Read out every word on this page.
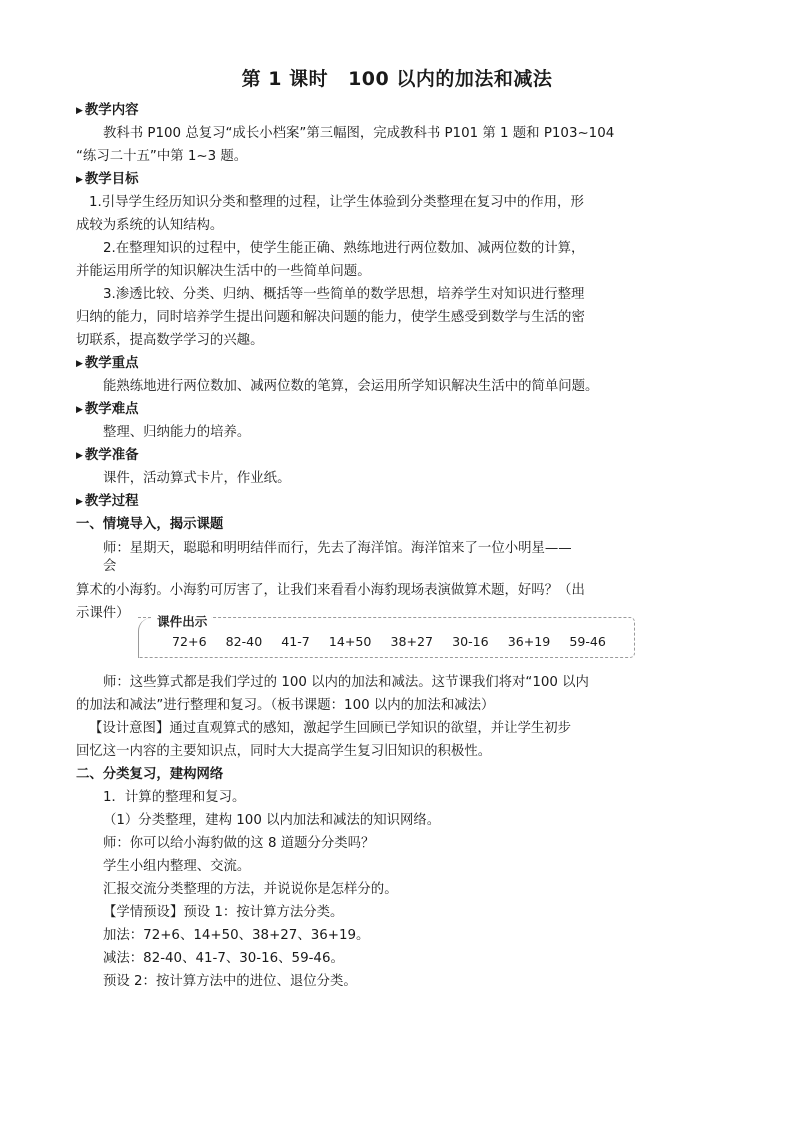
第 1 课时 100 以内的加法和减法
▶ 教学内容
教科书 P100 总复习“成长小档案”第三幅图，完成教科书 P101 第 1 题和 P103~104
“练习二十五”中第 1~3 题。
▶ 教学目标
1.引导学生经历知识分类和整理的过程，让学生体验到分类整理在复习中的作用，形
成较为系统的认知结构。
2.在整理知识的过程中，使学生能正确、熟练地进行两位数加、减两位数的计算，
并能运用所学的知识解决生活中的一些简单问题。
3.渗透比较、分类、归纳、概括等一些简单的数学思想，培养学生对知识进行整理
归纳的能力，同时培养学生提出问题和解决问题的能力，使学生感受到数学与生活的密
切联系，提高数学学习的兴趣。
▶ 教学重点
能熟练地进行两位数加、减两位数的笔算，会运用所学知识解决生活中的简单问题。
▶ 教学难点
整理、归纳能力的培养。
▶ 教学准备
课件，活动算式卡片，作业纸。
▶ 教学过程
一、情境导入，揭示课题
师：星期天，聪聪和明明结伴而行，先去了海洋馆。海洋馆来了一位小明星——
会
算术的小海豹。小海豹可厉害了，让我们来看看小海豹现场表演做算术题，好吗？（出
示课件）
课件出示
72+6 82-40 41-7 14+50 38+27 30-16 36+19 59-46
师：这些算式都是我们学过的 100 以内的加法和减法。这节课我们将对“100 以内
的加法和减法”进行整理和复习。（板书课题：100 以内的加法和减法）
【设计意图】通过直观算式的感知，激起学生回顾已学知识的欲望，并让学生初步
回忆这一内容的主要知识点，同时大大提高学生复习旧知识的积极性。
二、分类复习，建构网络
1．计算的整理和复习。
（1）分类整理，建构 100 以内加法和减法的知识网络。
师：你可以给小海豹做的这 8 道题分分类吗？
学生小组内整理、交流。
汇报交流分类整理的方法，并说说你是怎样分的。
【学情预设】预设 1：按计算方法分类。
加法：72+6、14+50、38+27、36+19。
减法：82-40、41-7、30-16、59-46。
预设 2：按计算方法中的进位、退位分类。
